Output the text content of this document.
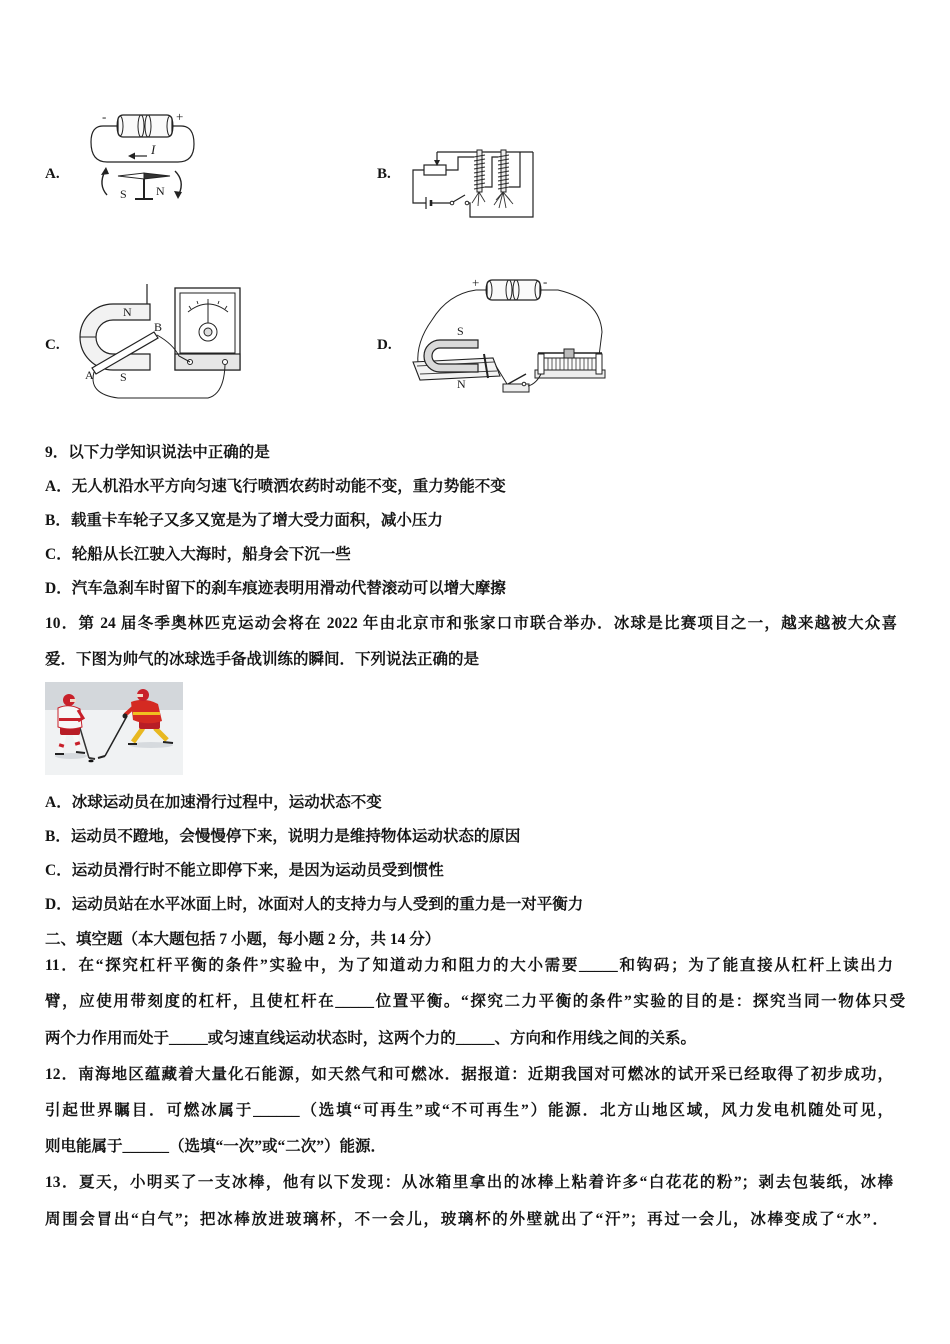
A.	B.
C.	D.
-	+
I
S N
N
S
A
B
+	-
S
N
9．以下力学知识说法中正确的是
A．无人机沿水平方向匀速飞行喷洒农药时动能不变，重力势能不变
B．载重卡车轮子又多又宽是为了增大受力面积，减小压力
C．轮船从长江驶入大海时，船身会下沉一些
D．汽车急刹车时留下的刹车痕迹表明用滑动代替滚动可以增大摩擦
10．第 24 届冬季奥林匹克运动会将在 2022 年由北京市和张家口市联合举办．冰球是比赛项目之一，越来越被大众喜
爱．下图为帅气的冰球选手备战训练的瞬间．下列说法正确的是
A．冰球运动员在加速滑行过程中，运动状态不变
B．运动员不蹬地，会慢慢停下来，说明力是维持物体运动状态的原因
C．运动员滑行时不能立即停下来，是因为运动员受到惯性
D．运动员站在水平冰面上时，冰面对人的支持力与人受到的重力是一对平衡力
二、填空题（本大题包括 7 小题，每小题 2 分，共 14 分）
11．在“探究杠杆平衡的条件”实验中，为了知道动力和阻力的大小需要_____和钩码；为了能直接从杠杆上读出力
臂，应使用带刻度的杠杆，且使杠杆在_____位置平衡。“探究二力平衡的条件”实验的目的是：探究当同一物体只受
两个力作用而处于_____或匀速直线运动状态时，这两个力的_____、方向和作用线之间的关系。
12．南海地区蕴藏着大量化石能源，如天然气和可燃冰．据报道：近期我国对可燃冰的试开采已经取得了初步成功，
引起世界瞩目．可燃冰属于______（选填“可再生”或“不可再生”）能源．北方山地区域，风力发电机随处可见，
则电能属于______（选填“一次”或“二次”）能源．
13．夏天，小明买了一支冰棒，他有以下发现：从冰箱里拿出的冰棒上粘着许多“白花花的粉”；剥去包装纸，冰棒
周围会冒出“白气”；把冰棒放进玻璃杯，不一会儿，玻璃杯的外壁就出了“汗”；再过一会儿，冰棒变成了“水”．
